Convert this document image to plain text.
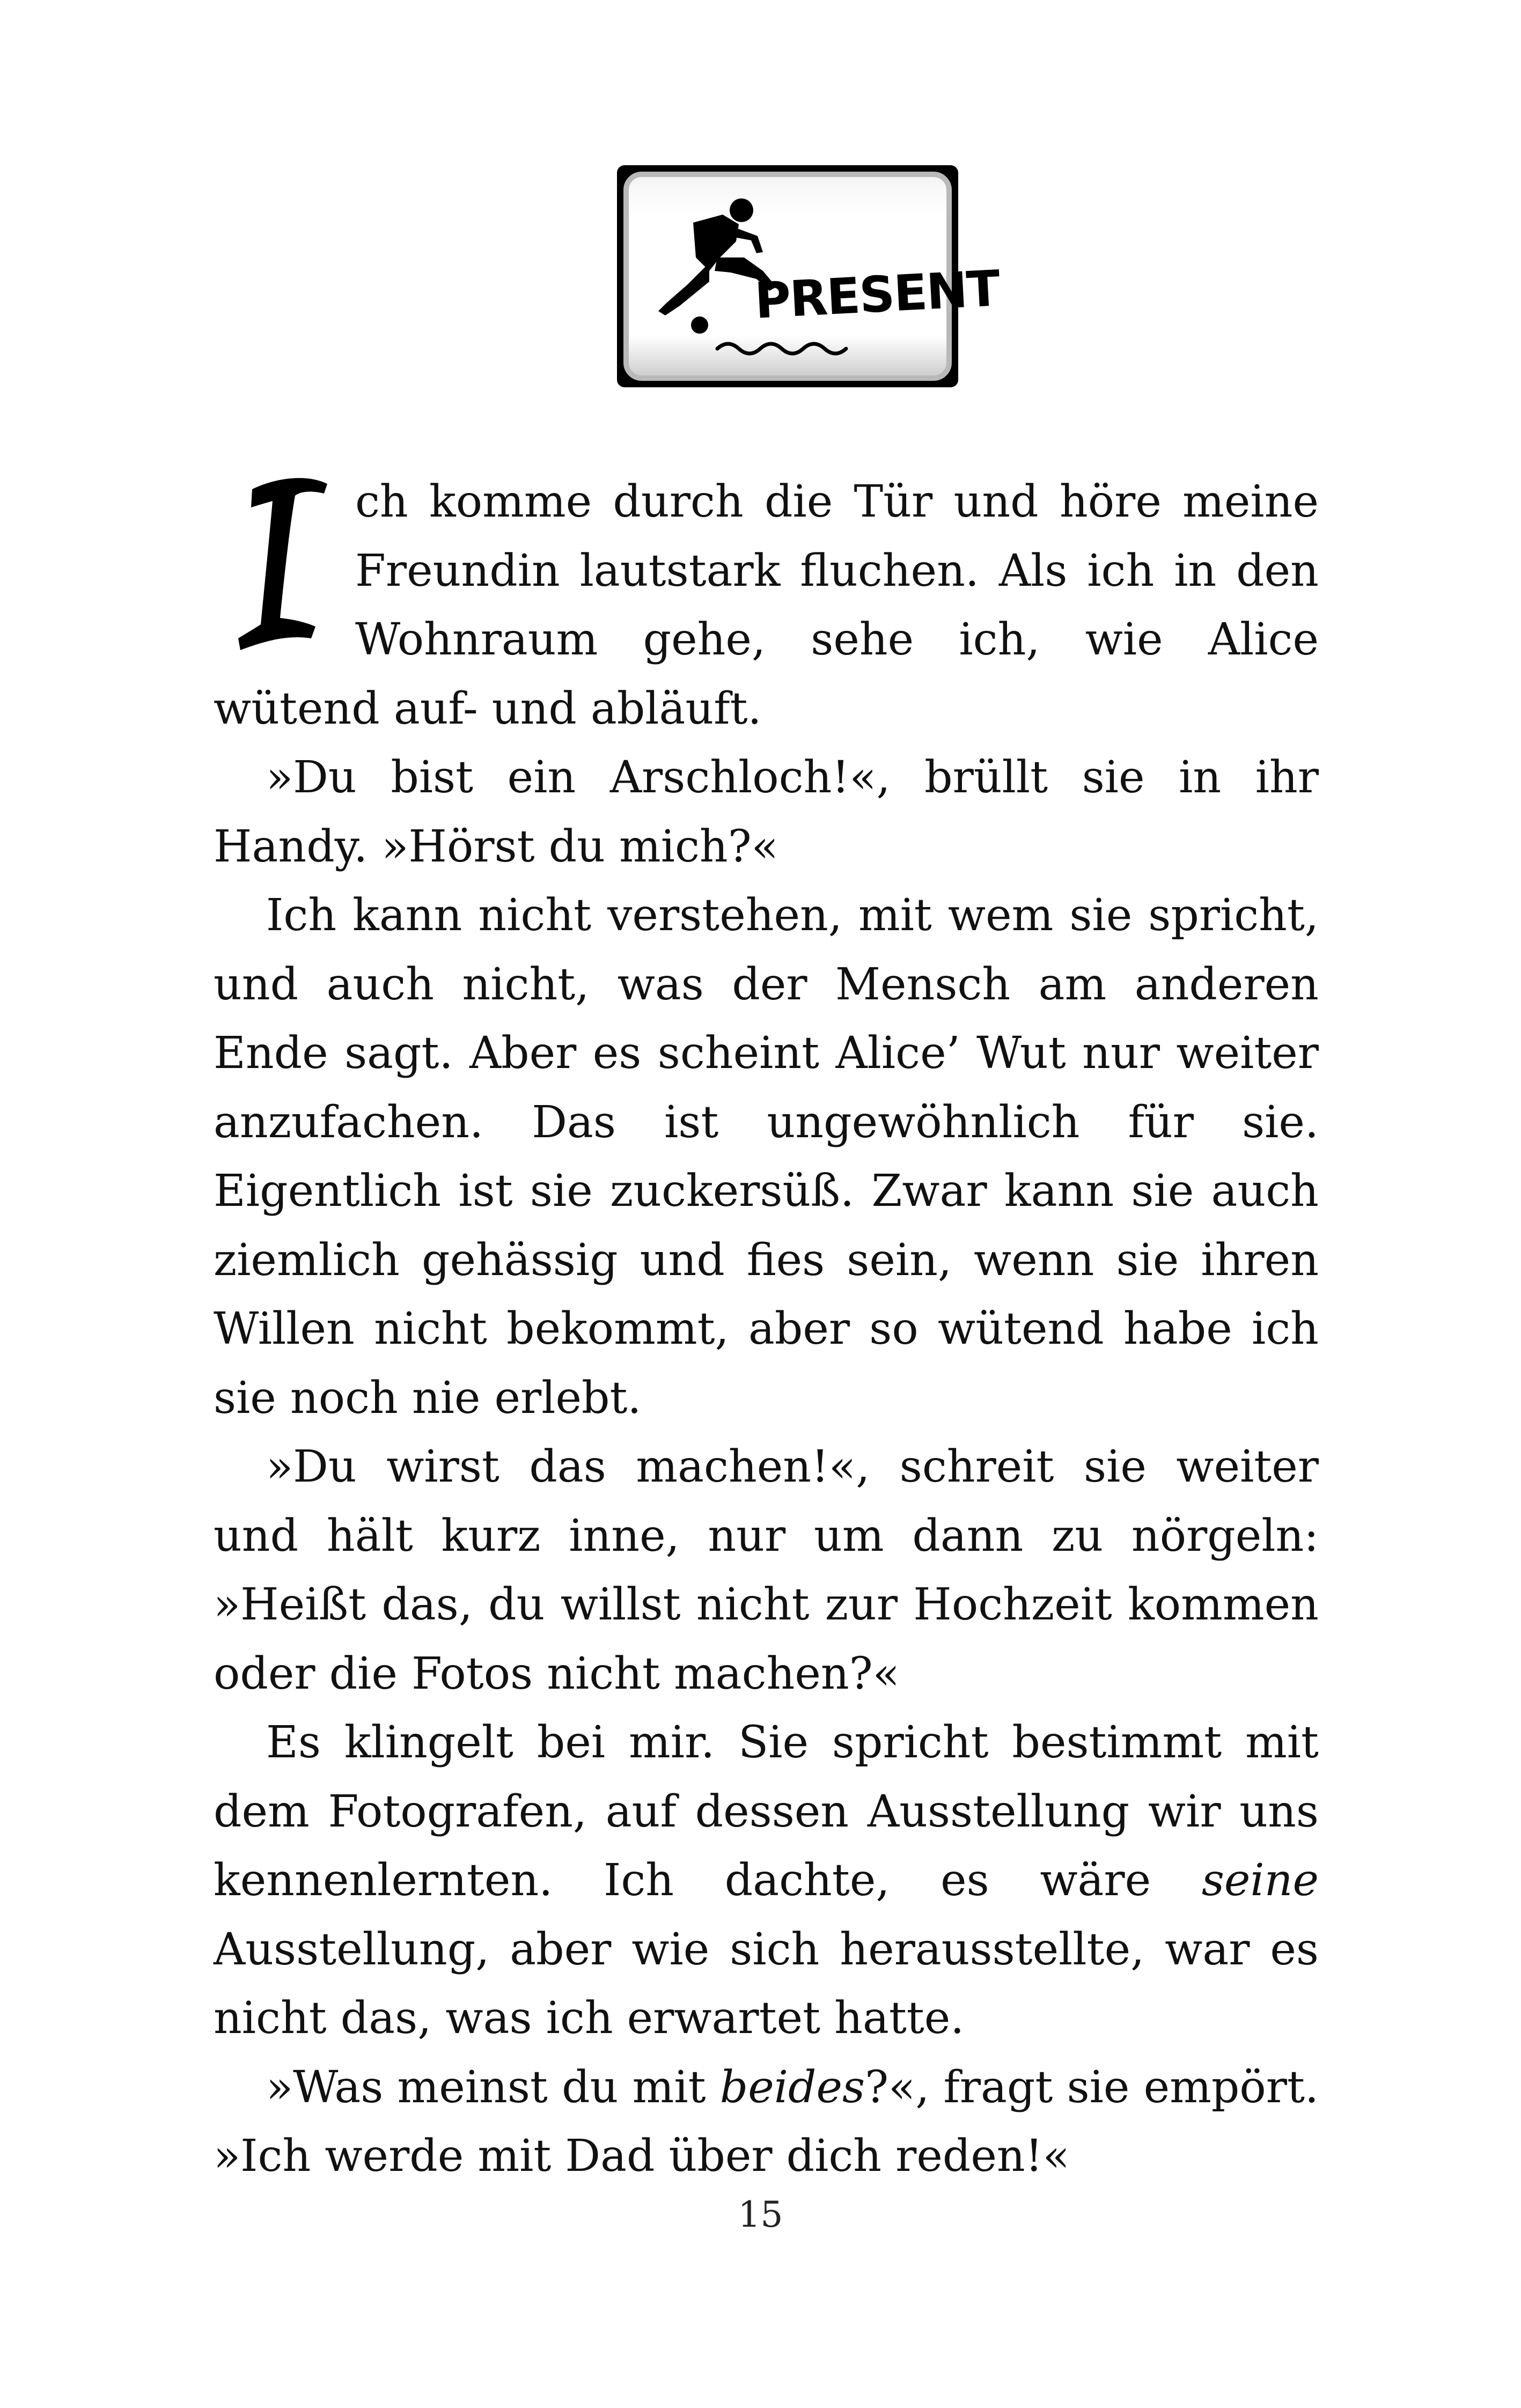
PRESENT

ch komme durch die Tür und höre meine Freundin lautstark fluchen. Als ich in den Wohnraum gehe, sehe ich, wie Alice wütend auf- und abläuft.

»Du bist ein Arschloch!«, brüllt sie in ihr Handy. »Hörst du mich?«

Ich kann nicht verstehen, mit wem sie spricht, und auch nicht, was der Mensch am anderen Ende sagt. Aber es scheint Alice’ Wut nur weiter anzufachen. Das ist ungewöhnlich für sie. Eigentlich ist sie zuckersüß. Zwar kann sie auch ziemlich gehässig und fies sein, wenn sie ihren Willen nicht bekommt, aber so wütend habe ich sie noch nie erlebt.

»Du wirst das machen!«, schreit sie weiter und hält kurz inne, nur um dann zu nörgeln: »Heißt das, du willst nicht zur Hochzeit kommen oder die Fotos nicht machen?«

Es klingelt bei mir. Sie spricht bestimmt mit dem Fotografen, auf dessen Ausstellung wir uns kennenlernten. Ich dachte, es wäre seine Ausstellung, aber wie sich herausstellte, war es nicht das, was ich erwartet hatte.

»Was meinst du mit beides?«, fragt sie empört. »Ich werde mit Dad über dich reden!«

15
